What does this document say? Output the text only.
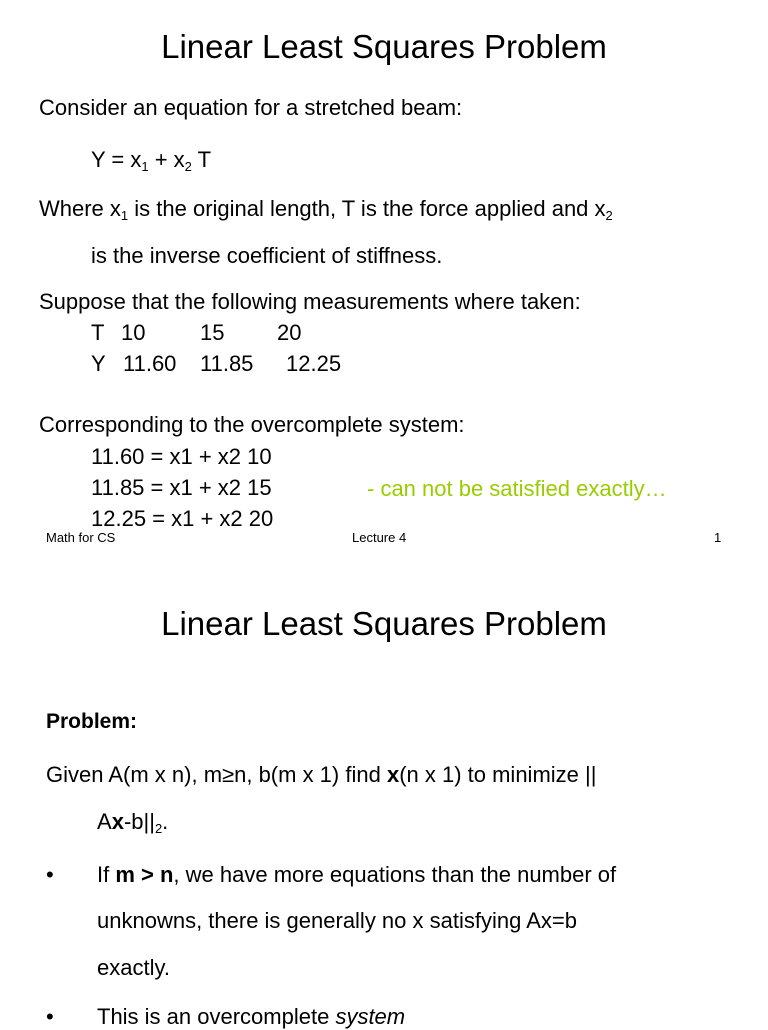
Linear Least Squares Problem

Consider an equation for a stretched beam:

$Y = x_1 + x_2$ T

Where $x_1$ is the original length, T is the force applied and $x_2$

is the inverse coefficient of stiffness.

Suppose that the following measurements where taken:

T 10 15 20
Y 11.60 11.85 12.25

Corresponding to the overcomplete system:

11.60 = x1 + x2 10

11.85 = x1 + x2 15

12.25 = x1 + x2 20

- can not be satisfied exactly…

Math for CS	Lecture 4	1

Linear Least Squares Problem

Problem:

Given A(m x n), m≥n, b(m x 1) find x(n x 1) to minimize ||

$Ax-b||_2$.

• If m > n, we have more equations than the number of

unknowns, there is generally no x satisfying Ax=b

exactly.

• This is an overcomplete system
